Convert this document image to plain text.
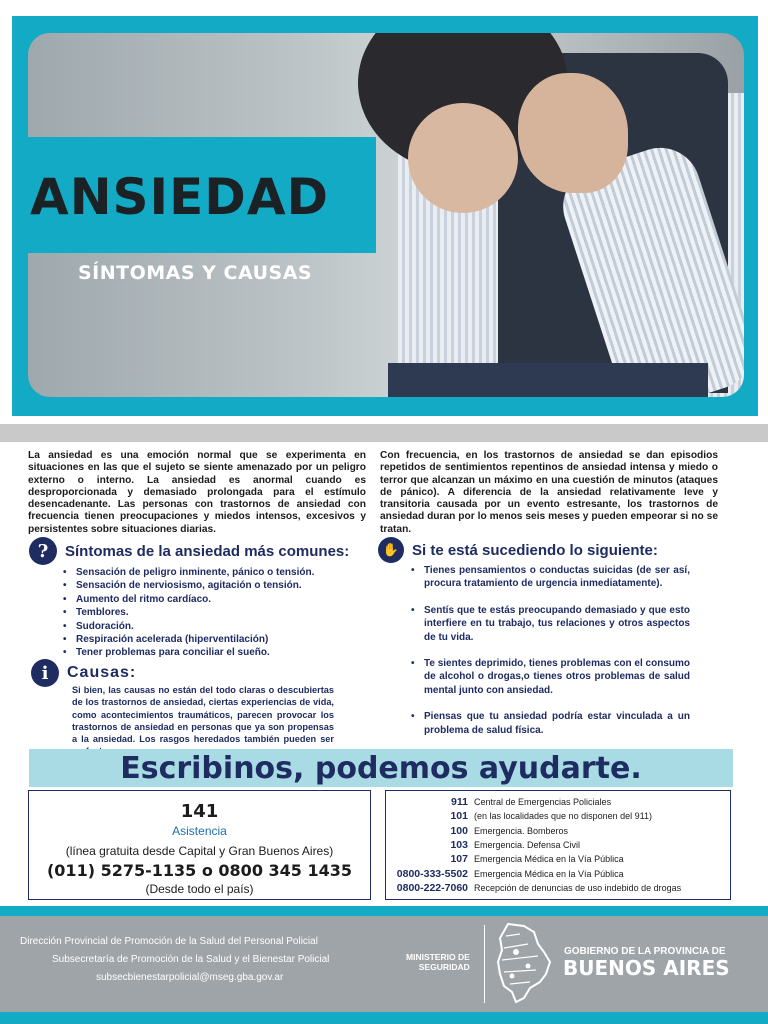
ANSIEDAD
SÍNTOMAS Y CAUSAS

La ansiedad es una emoción normal que se experimenta en situaciones en las que el sujeto se siente amenazado por un peligro externo o interno. La ansiedad es anormal cuando es desproporcionada y demasiado prolongada para el estímulo desencadenante. Las personas con trastornos de ansiedad con frecuencia tienen preocupaciones y miedos intensos, excesivos y persistentes sobre situaciones diarias.

Con frecuencia, en los trastornos de ansiedad se dan episodios repetidos de sentimientos repentinos de ansiedad intensa y miedo o terror que alcanzan un máximo en una cuestión de minutos (ataques de pánico). A diferencia de la ansiedad relativamente leve y transitoria causada por un evento estresante, los trastornos de ansiedad duran por lo menos seis meses y pueden empeorar si no se tratan.

?	Síntomas de la ansiedad más comunes:
• Sensación de peligro inminente, pánico o tensión.
• Sensación de nerviosismo, agitación o tensión.
• Aumento del ritmo cardíaco.
• Temblores.
• Sudoración.
• Respiración acelerada (hiperventilación)
• Tener problemas para conciliar el sueño.
i	Causas:

Si bien, las causas no están del todo claras o descubiertas de los trastornos de ansiedad, ciertas experiencias de vida, como acontecimientos traumáticos, parecen provocar los trastornos de ansiedad en personas que ya son propensas a la ansiedad. Los rasgos heredados también pueden ser

✋ Si te está sucediendo lo siguiente:
• Tienes pensamientos o conductas suicidas (de ser así, procura tratamiento de urgencia inmediatamente).
• Sentís que te estás preocupando demasiado y que esto interfiere en tu trabajo, tus relaciones y otros aspectos de tu vida.
• Te sientes deprimido, tienes problemas con el consumo de alcohol o drogas,o tienes otros problemas de salud mental junto con ansiedad.
• Piensas que tu ansiedad podría estar vinculada a un problema de salud física.
Escribinos, podemos ayudarte.
141
Asistencia
(línea gratuita desde Capital y Gran Buenos Aires)
(011) 5275-1135 o 0800 345 1435
(Desde todo el país)
911 Central de Emergencias Policiales
101 (en las localidades que no disponen del 911)
100 Emergencia. Bomberos
103 Emergencia. Defensa Civil
107 Emergencia Médica en la Vía Pública
0800-333-5502 Emergencia Médica en la Vía Pública
0800-222-7060 Recepción de denuncias de uso indebido de drogas
Dirección Provincial de Promoción de la Salud del Personal Policial
Subsecretaría de Promoción de la Salud y el Bienestar Policial
subsecbienestarpolicial@mseg.gba.gov.ar
MINISTERIO DE
SEGURIDAD
GOBIERNO DE LA PROVINCIA DE
BUENOS AIRES
